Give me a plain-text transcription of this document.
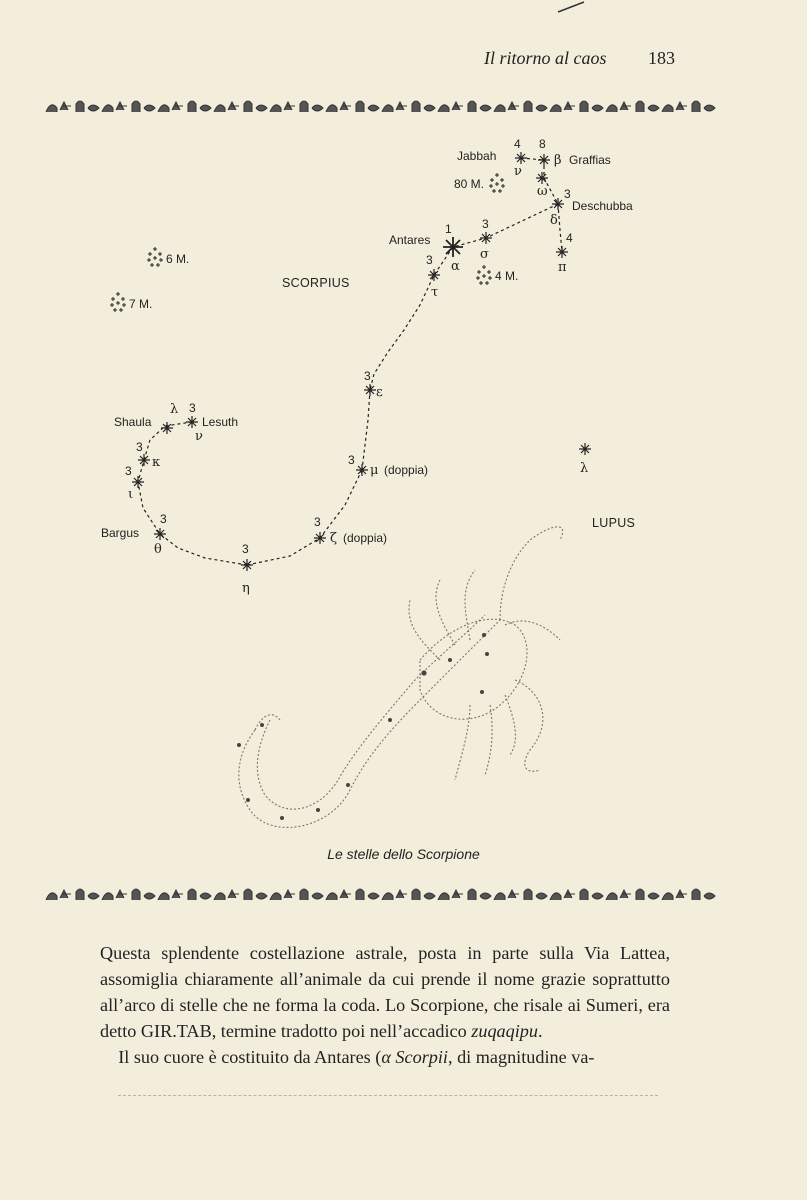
Il ritorno al caos 183
80 M.
6 M.
7 M.
4 M.
SCORPIUS
LUPUS
Jabbah	Graffias
Deschubba
Antares
(doppia)
(doppia)
Bargus
Shaula	Lesuth
ν
β
ω
δ
π
α
σ
τ
ε
μ
ζ
η
θ
ι
κ
λ
ν
λ
4 8
3
4
1	3
3
3
3
3
3
3
3
3
3
Le stelle dello Scorpione

Questa splendente costellazione astrale, posta in parte sulla Via Lattea, assomiglia chiaramente all’animale da cui prende il nome grazie soprattutto all’arco di stelle che ne forma la coda. Lo Scorpione, che risale ai Sumeri, era detto GIR.TAB, termine tradotto poi nell’accadico zuqaqipu.

Il suo cuore è costituito da Antares (α Scorpii, di magnitudine va-
